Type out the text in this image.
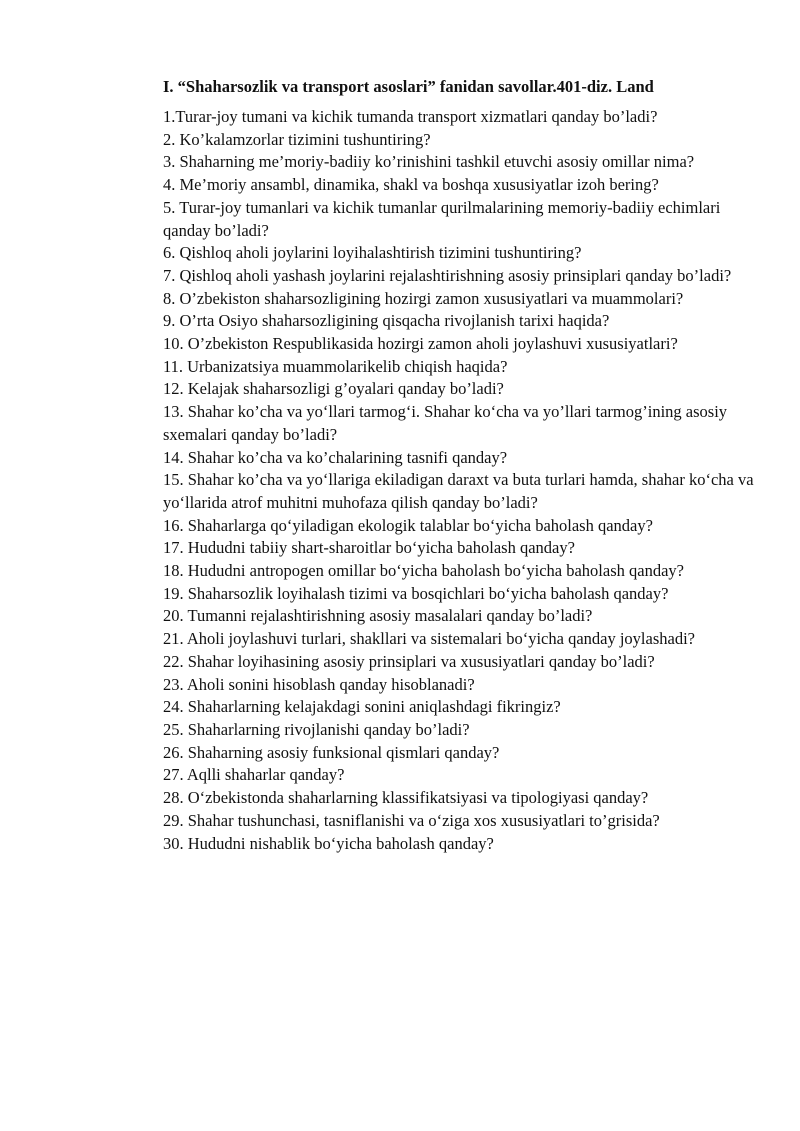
I. “Shaharsozlik va transport asoslari” fanidan savollar.401-diz. Land
1.Turar-joy tumani va kichik tumanda transport xizmatlari qanday bo’ladi?
2. Ko’kalamzorlar tizimini tushuntiring?
3. Shaharning me’moriy-badiiy ko’rinishini tashkil etuvchi asosiy omillar nima?
4. Me’moriy ansambl, dinamika, shakl va boshqa xususiyatlar izoh bering?
5. Turar-joy tumanlari va kichik tumanlar qurilmalarining memoriy-badiiy echimlari qanday bo’ladi?
6. Qishloq aholi joylarini loyihalashtirish tizimini tushuntiring?
7. Qishloq aholi yashash joylarini rejalashtirishning asosiy prinsiplari qanday bo’ladi?
8. O’zbekiston shaharsozligining hozirgi zamon xususiyatlari va muammolari?
9. O’rta Osiyo shaharsozligining qisqacha rivojlanish tarixi haqida?
10. O’zbekiston Respublikasida hozirgi zamon aholi joylashuvi xususiyatlari?
11. Urbanizatsiya muammolarikelib chiqish haqida?
12. Kelajak shaharsozligi g’oyalari qanday bo’ladi?
13. Shahar ko’cha va yo‘llari tarmog‘i. Shahar ko‘cha va yo’llari tarmog’ining asosiy sxemalari qanday bo’ladi?
14. Shahar ko’cha va ko’chalarining tasnifi qanday?
15. Shahar ko’cha va yo‘llariga ekiladigan daraxt va buta turlari hamda, shahar ko‘cha va yo‘llarida atrof muhitni muhofaza qilish qanday bo’ladi?
16. Shaharlarga qo‘yiladigan ekologik talablar bo‘yicha baholash qanday?
17. Hududni tabiiy shart-sharoitlar bo‘yicha baholash qanday?
18. Hududni antropogen omillar bo‘yicha baholash bo‘yicha baholash qanday?
19. Shaharsozlik loyihalash tizimi va bosqichlari bo‘yicha baholash qanday?
20. Tumanni rejalashtirishning asosiy masalalari qanday bo’ladi?
21. Aholi joylashuvi turlari, shakllari va sistemalari bo‘yicha qanday joylashadi?
22. Shahar loyihasining asosiy prinsiplari va xususiyatlari qanday bo’ladi?
23. Aholi sonini hisoblash qanday hisoblanadi?
24. Shaharlarning kelajakdagi sonini aniqlashdagi fikringiz?
25. Shaharlarning rivojlanishi qanday bo’ladi?
26. Shaharning asosiy funksional qismlari qanday?
27. Aqlli shaharlar qanday?
28. O‘zbekistonda shaharlarning klassifikatsiyasi va tipologiyasi qanday?
29. Shahar tushunchasi, tasniflanishi va o‘ziga xos xususiyatlari to’grisida?
30. Hududni nishablik bo‘yicha baholash qanday?
